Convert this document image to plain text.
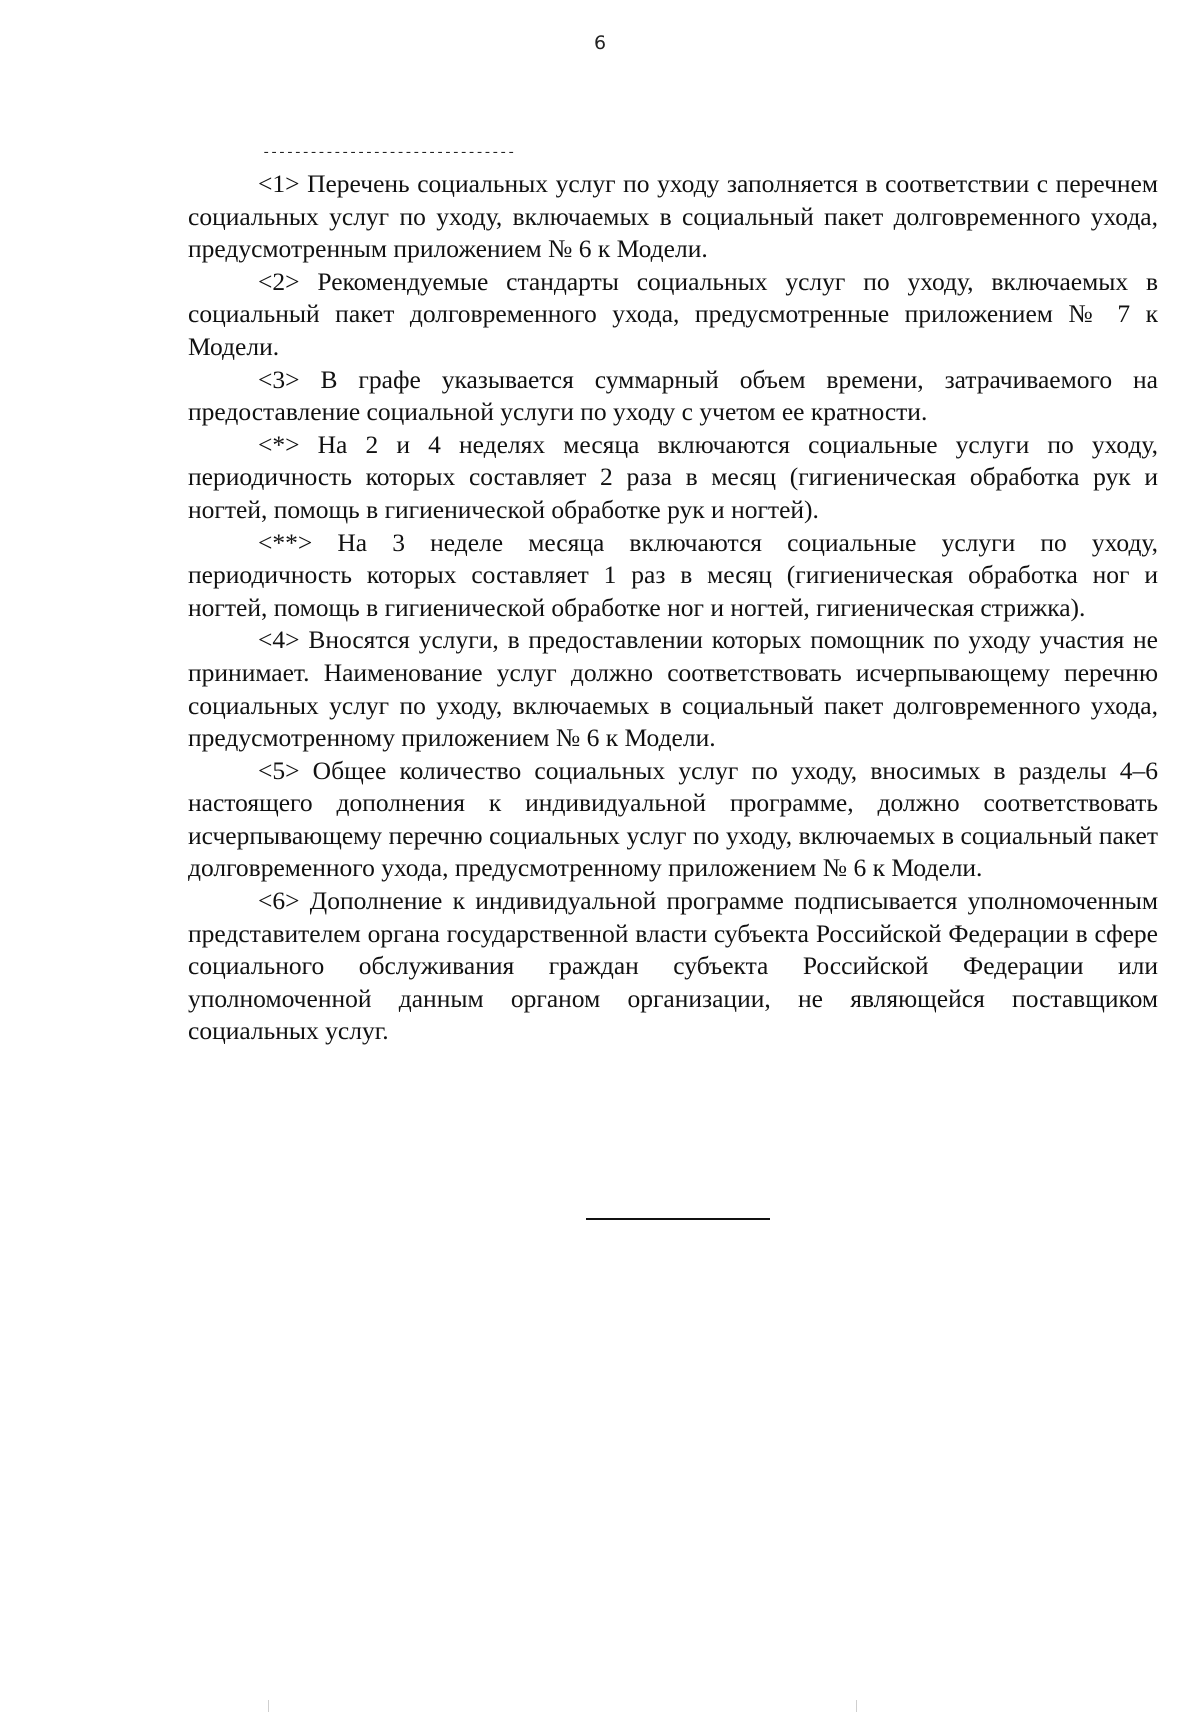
6
--------------------------------

<1> Перечень социальных услуг по уходу заполняется в соответствии с перечнем социальных услуг по уходу, включаемых в социальный пакет долговременного ухода, предусмотренным приложением № 6 к Модели.

<2> Рекомендуемые стандарты социальных услуг по уходу, включаемых в социальный пакет долговременного ухода, предусмотренные приложением № 7 к Модели.

<3> В графе указывается суммарный объем времени, затрачиваемого на предоставление социальной услуги по уходу с учетом ее кратности.

<*> На 2 и 4 неделях месяца включаются социальные услуги по уходу, периодичность которых составляет 2 раза в месяц (гигиеническая обработка рук и ногтей, помощь в гигиенической обработке рук и ногтей).

<**> На 3 неделе месяца включаются социальные услуги по уходу, периодичность которых составляет 1 раз в месяц (гигиеническая обработка ног и ногтей, помощь в гигиенической обработке ног и ногтей, гигиеническая стрижка).

<4> Вносятся услуги, в предоставлении которых помощник по уходу участия не принимает. Наименование услуг должно соответствовать исчерпывающему перечню социальных услуг по уходу, включаемых в социальный пакет долговременного ухода, предусмотренному приложением № 6 к Модели.

<5> Общее количество социальных услуг по уходу, вносимых в разделы 4–6 настоящего дополнения к индивидуальной программе, должно соответствовать исчерпывающему перечню социальных услуг по уходу, включаемых в социальный пакет долговременного ухода, предусмотренному приложением № 6 к Модели.

<6> Дополнение к индивидуальной программе подписывается уполномоченным представителем органа государственной власти субъекта Российской Федерации в сфере социального обслуживания граждан субъекта Российской Федерации или уполномоченной данным органом организации, не являющейся поставщиком социальных услуг.
